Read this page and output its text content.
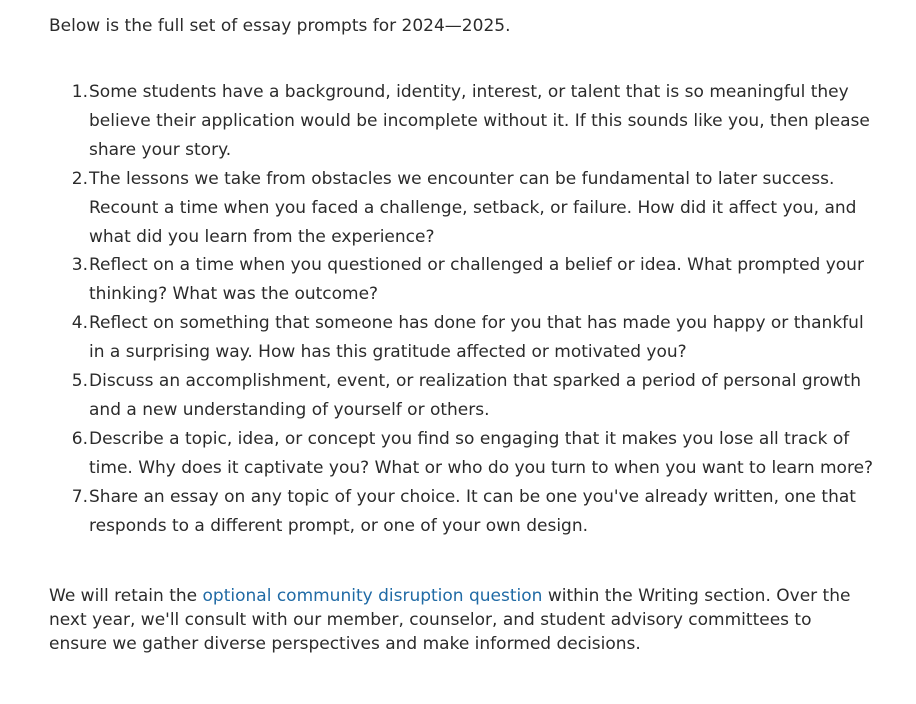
Below is the full set of essay prompts for 2024—2025.

1. Some students have a background, identity, interest, or talent that is so meaningful they believe their application would be incomplete without it. If this sounds like you, then please share your story.
2. The lessons we take from obstacles we encounter can be fundamental to later success. Recount a time when you faced a challenge, setback, or failure. How did it affect you, and what did you learn from the experience?
3. Reflect on a time when you questioned or challenged a belief or idea. What prompted your thinking? What was the outcome?
4. Reflect on something that someone has done for you that has made you happy or thankful in a surprising way. How has this gratitude affected or motivated you?
5. Discuss an accomplishment, event, or realization that sparked a period of personal growth and a new understanding of yourself or others.
6. Describe a topic, idea, or concept you find so engaging that it makes you lose all track of time. Why does it captivate you? What or who do you turn to when you want to learn more?
7. Share an essay on any topic of your choice. It can be one you've already written, one that responds to a different prompt, or one of your own design.

We will retain the optional community disruption question within the Writing section. Over the next year, we'll consult with our member, counselor, and student advisory committees to ensure we gather diverse perspectives and make informed decisions.
